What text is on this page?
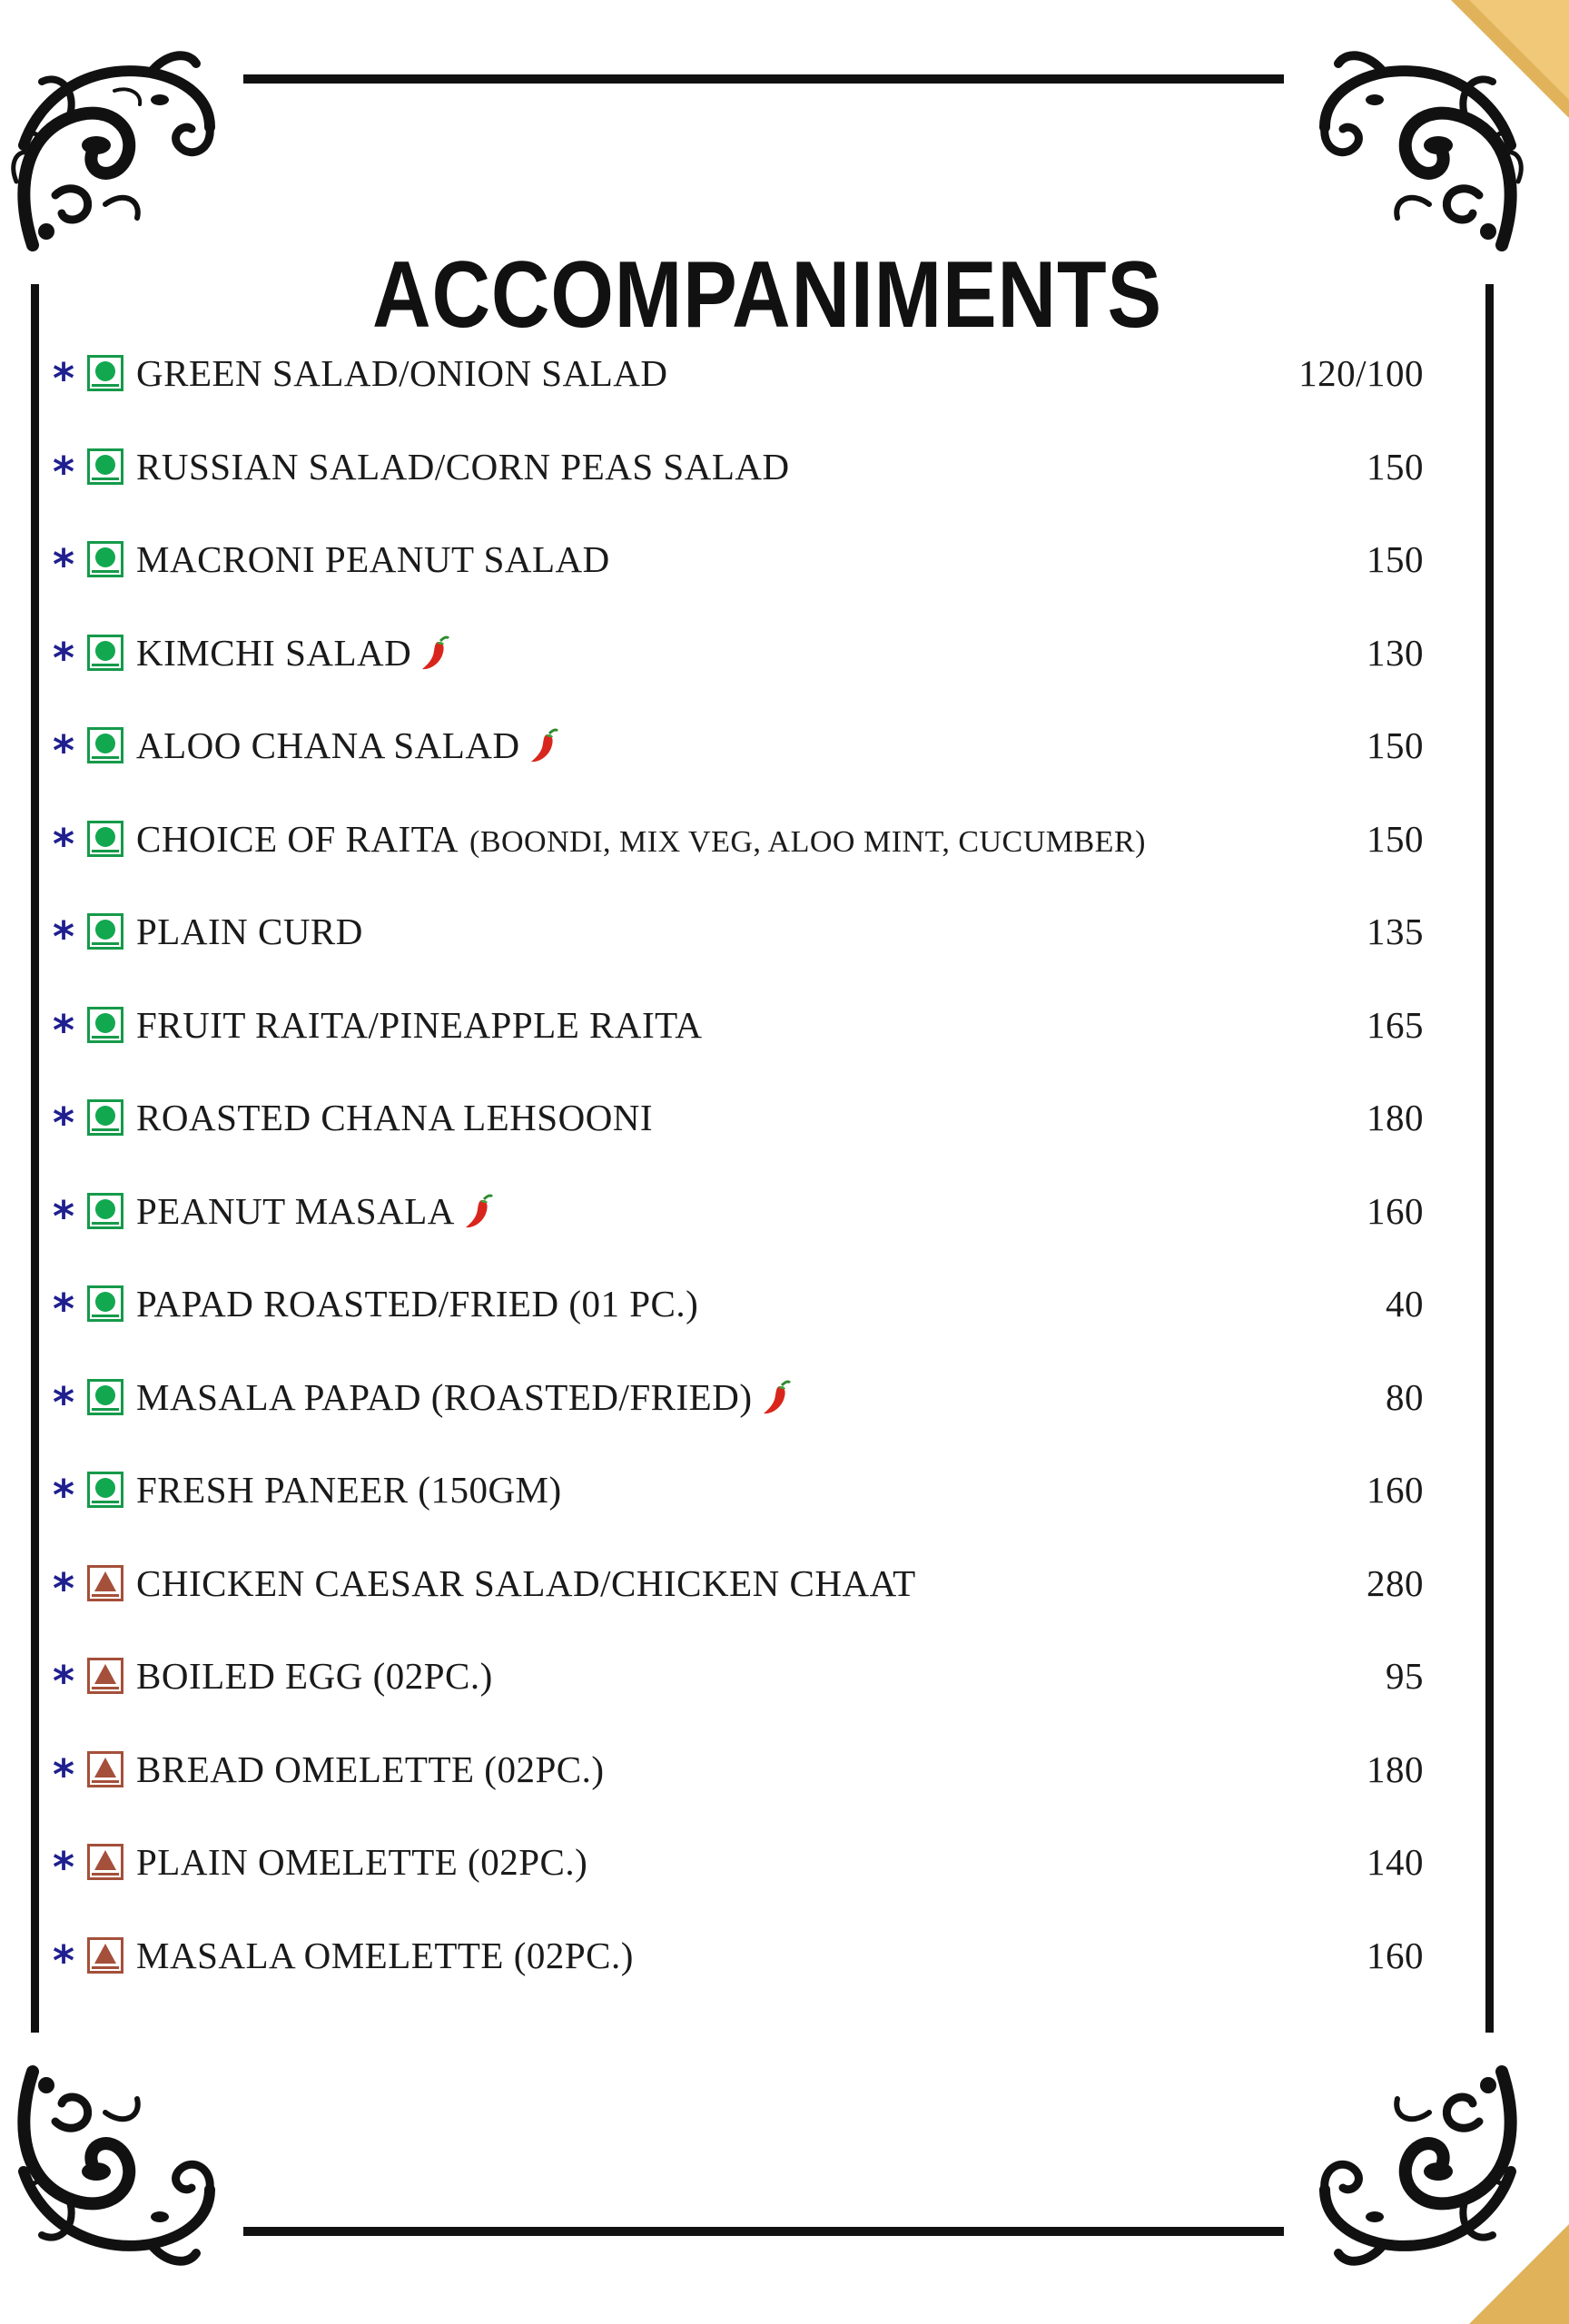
ACCOMPANIMENTS
*	GREEN SALAD/ONION SALAD	120/100
*	RUSSIAN SALAD/CORN PEAS SALAD	150
*	MACRONI PEANUT SALAD	150
*	KIMCHI SALAD	130
*	ALOO CHANA SALAD	150
*	CHOICE OF RAITA (BOONDI, MIX VEG, ALOO MINT, CUCUMBER)	150
*	PLAIN CURD	135
*	FRUIT RAITA/PINEAPPLE RAITA	165
*	ROASTED CHANA LEHSOONI	180
*	PEANUT MASALA	160
*	PAPAD ROASTED/FRIED (01 PC.)	40
*	MASALA PAPAD (ROASTED/FRIED)	80
*	FRESH PANEER (150GM)	160
*	CHICKEN CAESAR SALAD/CHICKEN CHAAT	280
*	BOILED EGG (02PC.)	95
*	BREAD OMELETTE (02PC.)	180
*	PLAIN OMELETTE (02PC.)	140
*	MASALA OMELETTE (02PC.)	160
